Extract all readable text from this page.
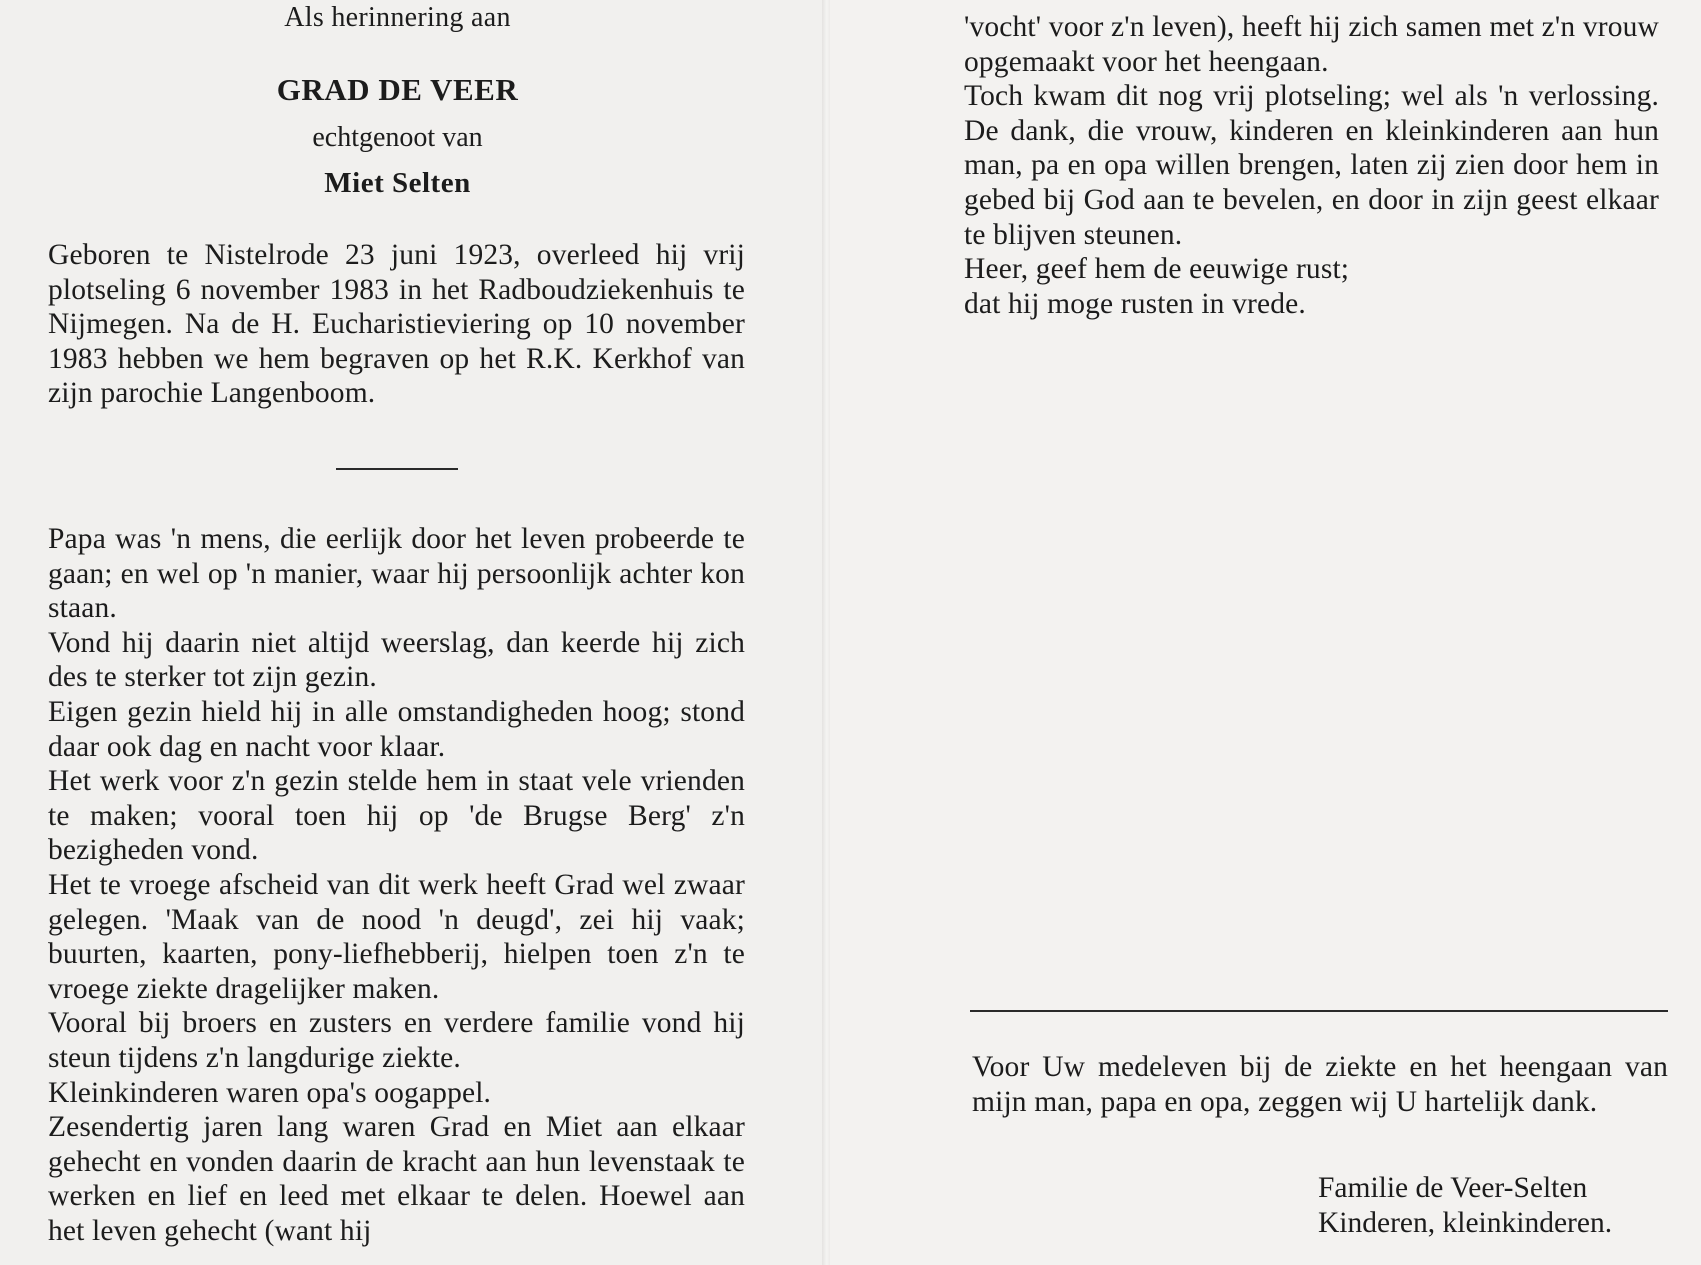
Als herinnering aan
GRAD DE VEER
echtgenoot van
Miet Selten

Geboren te Nistelrode 23 juni 1923, overleed hij vrij plotseling 6 november 1983 in het Radboudziekenhuis te Nijmegen. Na de H. Eucharistieviering op 10 november 1983 hebben we hem begraven op het R.K. Kerkhof van zijn parochie Langenboom.

Papa was 'n mens, die eerlijk door het leven probeerde te gaan; en wel op 'n manier, waar hij persoonlijk achter kon staan.
Vond hij daarin niet altijd weerslag, dan keerde hij zich des te sterker tot zijn gezin.
Eigen gezin hield hij in alle omstandigheden hoog; stond daar ook dag en nacht voor klaar.
Het werk voor z'n gezin stelde hem in staat vele vrienden te maken; vooral toen hij op 'de Brugse Berg' z'n bezigheden vond.
Het te vroege afscheid van dit werk heeft Grad wel zwaar gelegen. 'Maak van de nood 'n deugd', zei hij vaak; buurten, kaarten, pony-liefhebberij, hielpen toen z'n te vroege ziekte dragelijker maken.
Vooral bij broers en zusters en verdere familie vond hij steun tijdens z'n langdurige ziekte.
Kleinkinderen waren opa's oogappel.
Zesendertig jaren lang waren Grad en Miet aan elkaar gehecht en vonden daarin de kracht aan hun levenstaak te werken en lief en leed met elkaar te delen. Hoewel aan het leven gehecht (want hij
'vocht' voor z'n leven), heeft hij zich samen met z'n vrouw opgemaakt voor het heengaan.
Toch kwam dit nog vrij plotseling; wel als 'n verlossing. De dank, die vrouw, kinderen en kleinkinderen aan hun man, pa en opa willen brengen, laten zij zien door hem in gebed bij God aan te bevelen, en door in zijn geest elkaar te blijven steunen.
Heer, geef hem de eeuwige rust;
dat hij moge rusten in vrede.

Voor Uw medeleven bij de ziekte en het heengaan van mijn man, papa en opa, zeggen wij U hartelijk dank.

Familie de Veer-Selten
Kinderen, kleinkinderen.
